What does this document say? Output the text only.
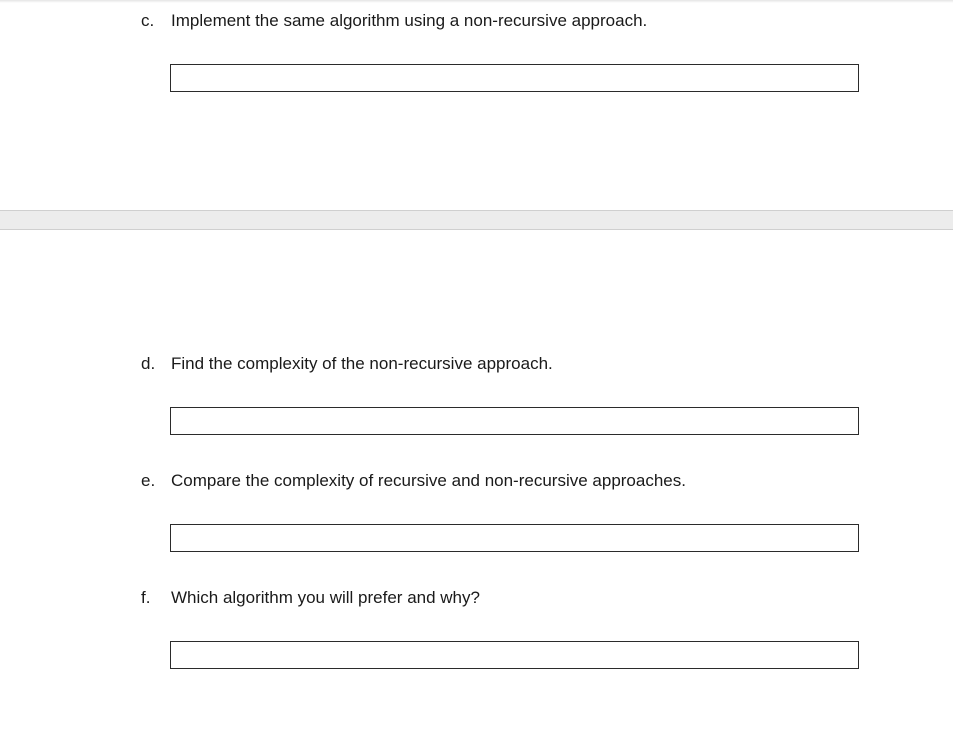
c. Implement the same algorithm using a non-recursive approach.
d. Find the complexity of the non-recursive approach.
e. Compare the complexity of recursive and non-recursive approaches.
f. Which algorithm you will prefer and why?
